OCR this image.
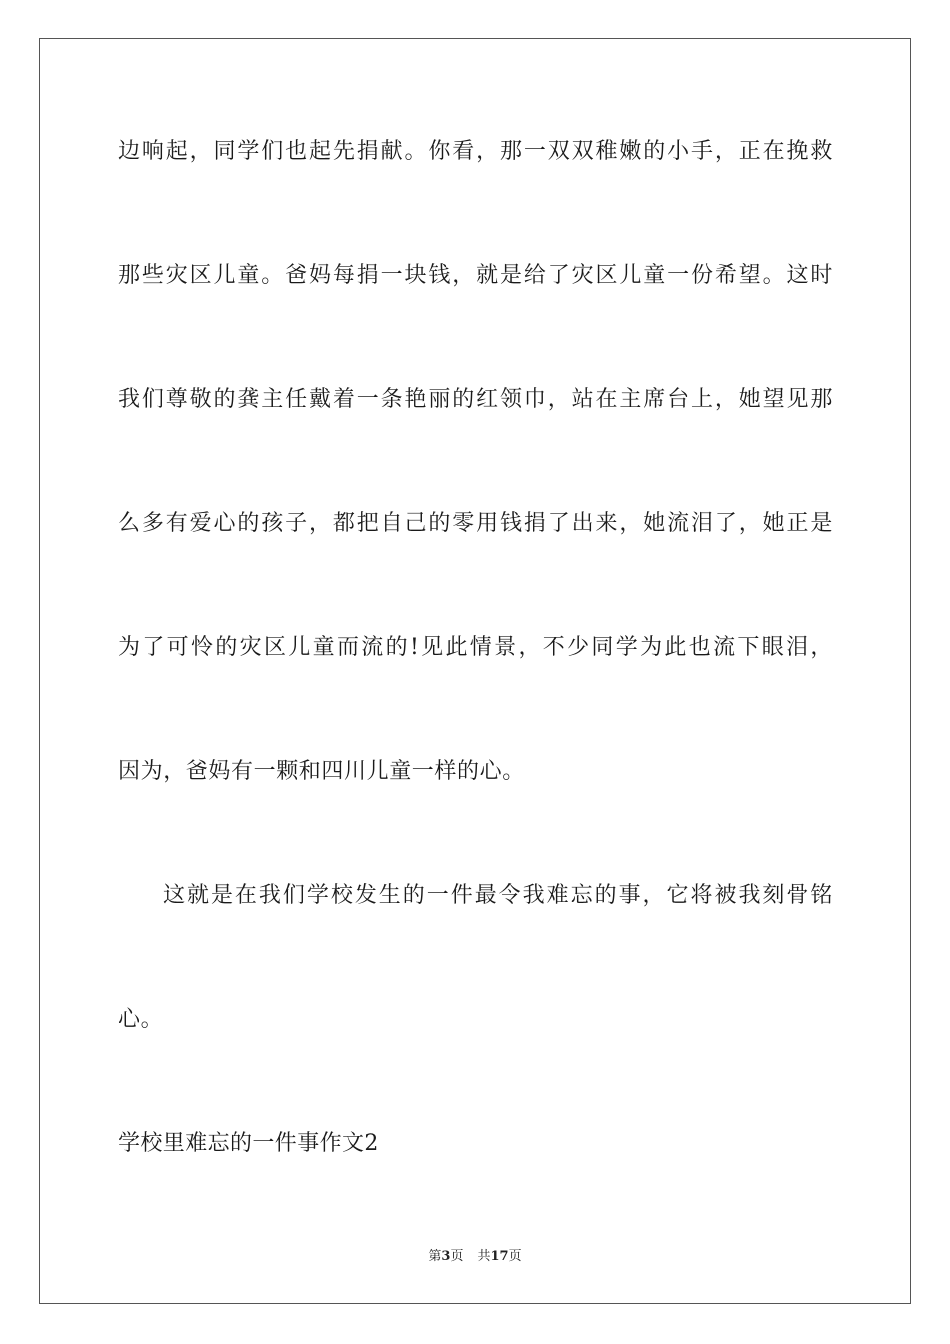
边响起，同学们也起先捐献。你看，那一双双稚嫩的小手，正在挽救
那些灾区儿童。爸妈每捐一块钱，就是给了灾区儿童一份希望。这时
我们尊敬的龚主任戴着一条艳丽的红领巾，站在主席台上，她望见那
么多有爱心的孩子，都把自己的零用钱捐了出来，她流泪了，她正是
为了可怜的灾区儿童而流的!见此情景，不少同学为此也流下眼泪，
因为，爸妈有一颗和四川儿童一样的心。
这就是在我们学校发生的一件最令我难忘的事，它将被我刻骨铭
心。
学校里难忘的一件事作文2
第3页 共17页
